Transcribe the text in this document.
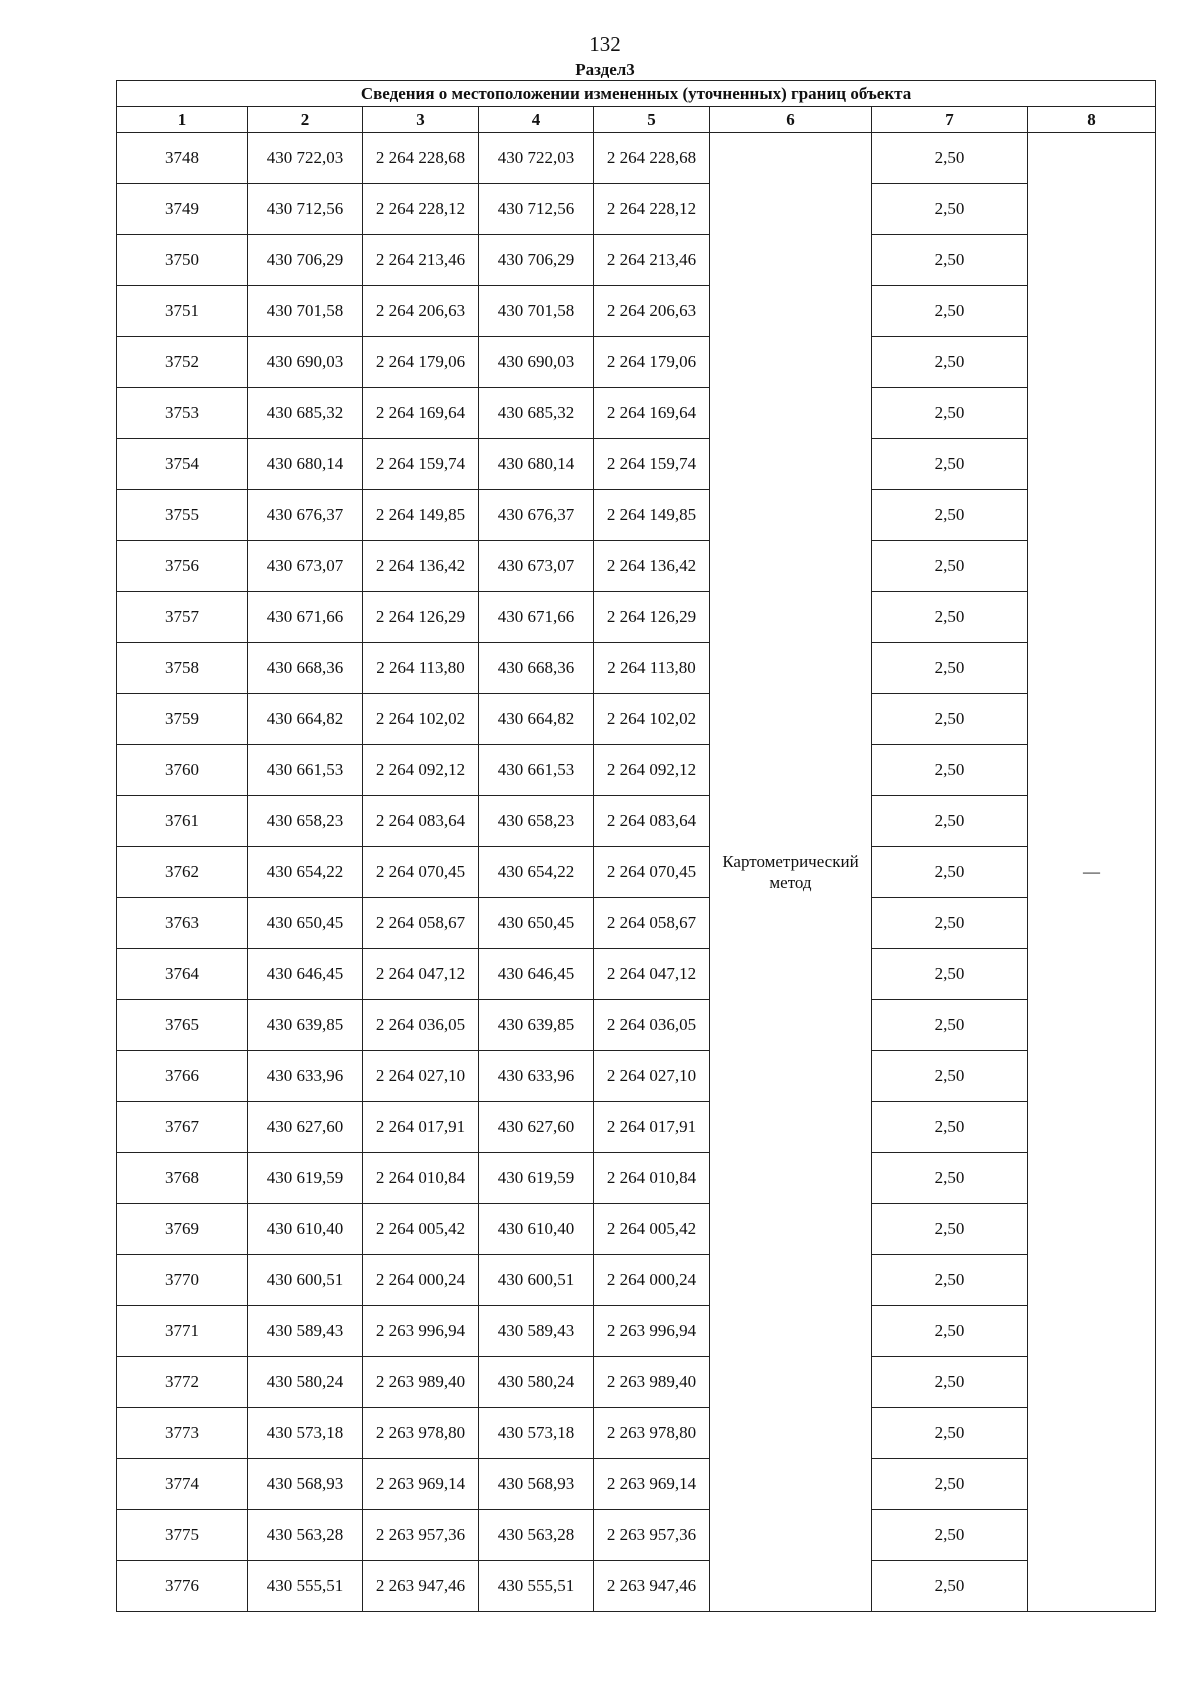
132
Раздел3
Сведения о местоположении измененных (уточненных) границ объекта							
1	2	3	4	5	6	7	8
3748	430 722,03	2 264 228,68	430 722,03	2 264 228,68	Картометрический метод	2,50	—
3749	430 712,56	2 264 228,12	430 712,56	2 264 228,12		2,50	
3750	430 706,29	2 264 213,46	430 706,29	2 264 213,46		2,50	
3751	430 701,58	2 264 206,63	430 701,58	2 264 206,63		2,50	
3752	430 690,03	2 264 179,06	430 690,03	2 264 179,06		2,50	
3753	430 685,32	2 264 169,64	430 685,32	2 264 169,64		2,50	
3754	430 680,14	2 264 159,74	430 680,14	2 264 159,74		2,50	
3755	430 676,37	2 264 149,85	430 676,37	2 264 149,85		2,50	
3756	430 673,07	2 264 136,42	430 673,07	2 264 136,42		2,50	
3757	430 671,66	2 264 126,29	430 671,66	2 264 126,29		2,50	
3758	430 668,36	2 264 113,80	430 668,36	2 264 113,80		2,50	
3759	430 664,82	2 264 102,02	430 664,82	2 264 102,02		2,50	
3760	430 661,53	2 264 092,12	430 661,53	2 264 092,12		2,50	
3761	430 658,23	2 264 083,64	430 658,23	2 264 083,64		2,50	
3762	430 654,22	2 264 070,45	430 654,22	2 264 070,45		2,50	
3763	430 650,45	2 264 058,67	430 650,45	2 264 058,67		2,50	
3764	430 646,45	2 264 047,12	430 646,45	2 264 047,12		2,50	
3765	430 639,85	2 264 036,05	430 639,85	2 264 036,05		2,50	
3766	430 633,96	2 264 027,10	430 633,96	2 264 027,10		2,50	
3767	430 627,60	2 264 017,91	430 627,60	2 264 017,91		2,50	
3768	430 619,59	2 264 010,84	430 619,59	2 264 010,84		2,50	
3769	430 610,40	2 264 005,42	430 610,40	2 264 005,42		2,50	
3770	430 600,51	2 264 000,24	430 600,51	2 264 000,24		2,50	
3771	430 589,43	2 263 996,94	430 589,43	2 263 996,94		2,50	
3772	430 580,24	2 263 989,40	430 580,24	2 263 989,40		2,50	
3773	430 573,18	2 263 978,80	430 573,18	2 263 978,80		2,50	
3774	430 568,93	2 263 969,14	430 568,93	2 263 969,14		2,50	
3775	430 563,28	2 263 957,36	430 563,28	2 263 957,36		2,50	
3776	430 555,51	2 263 947,46	430 555,51	2 263 947,46		2,50	
